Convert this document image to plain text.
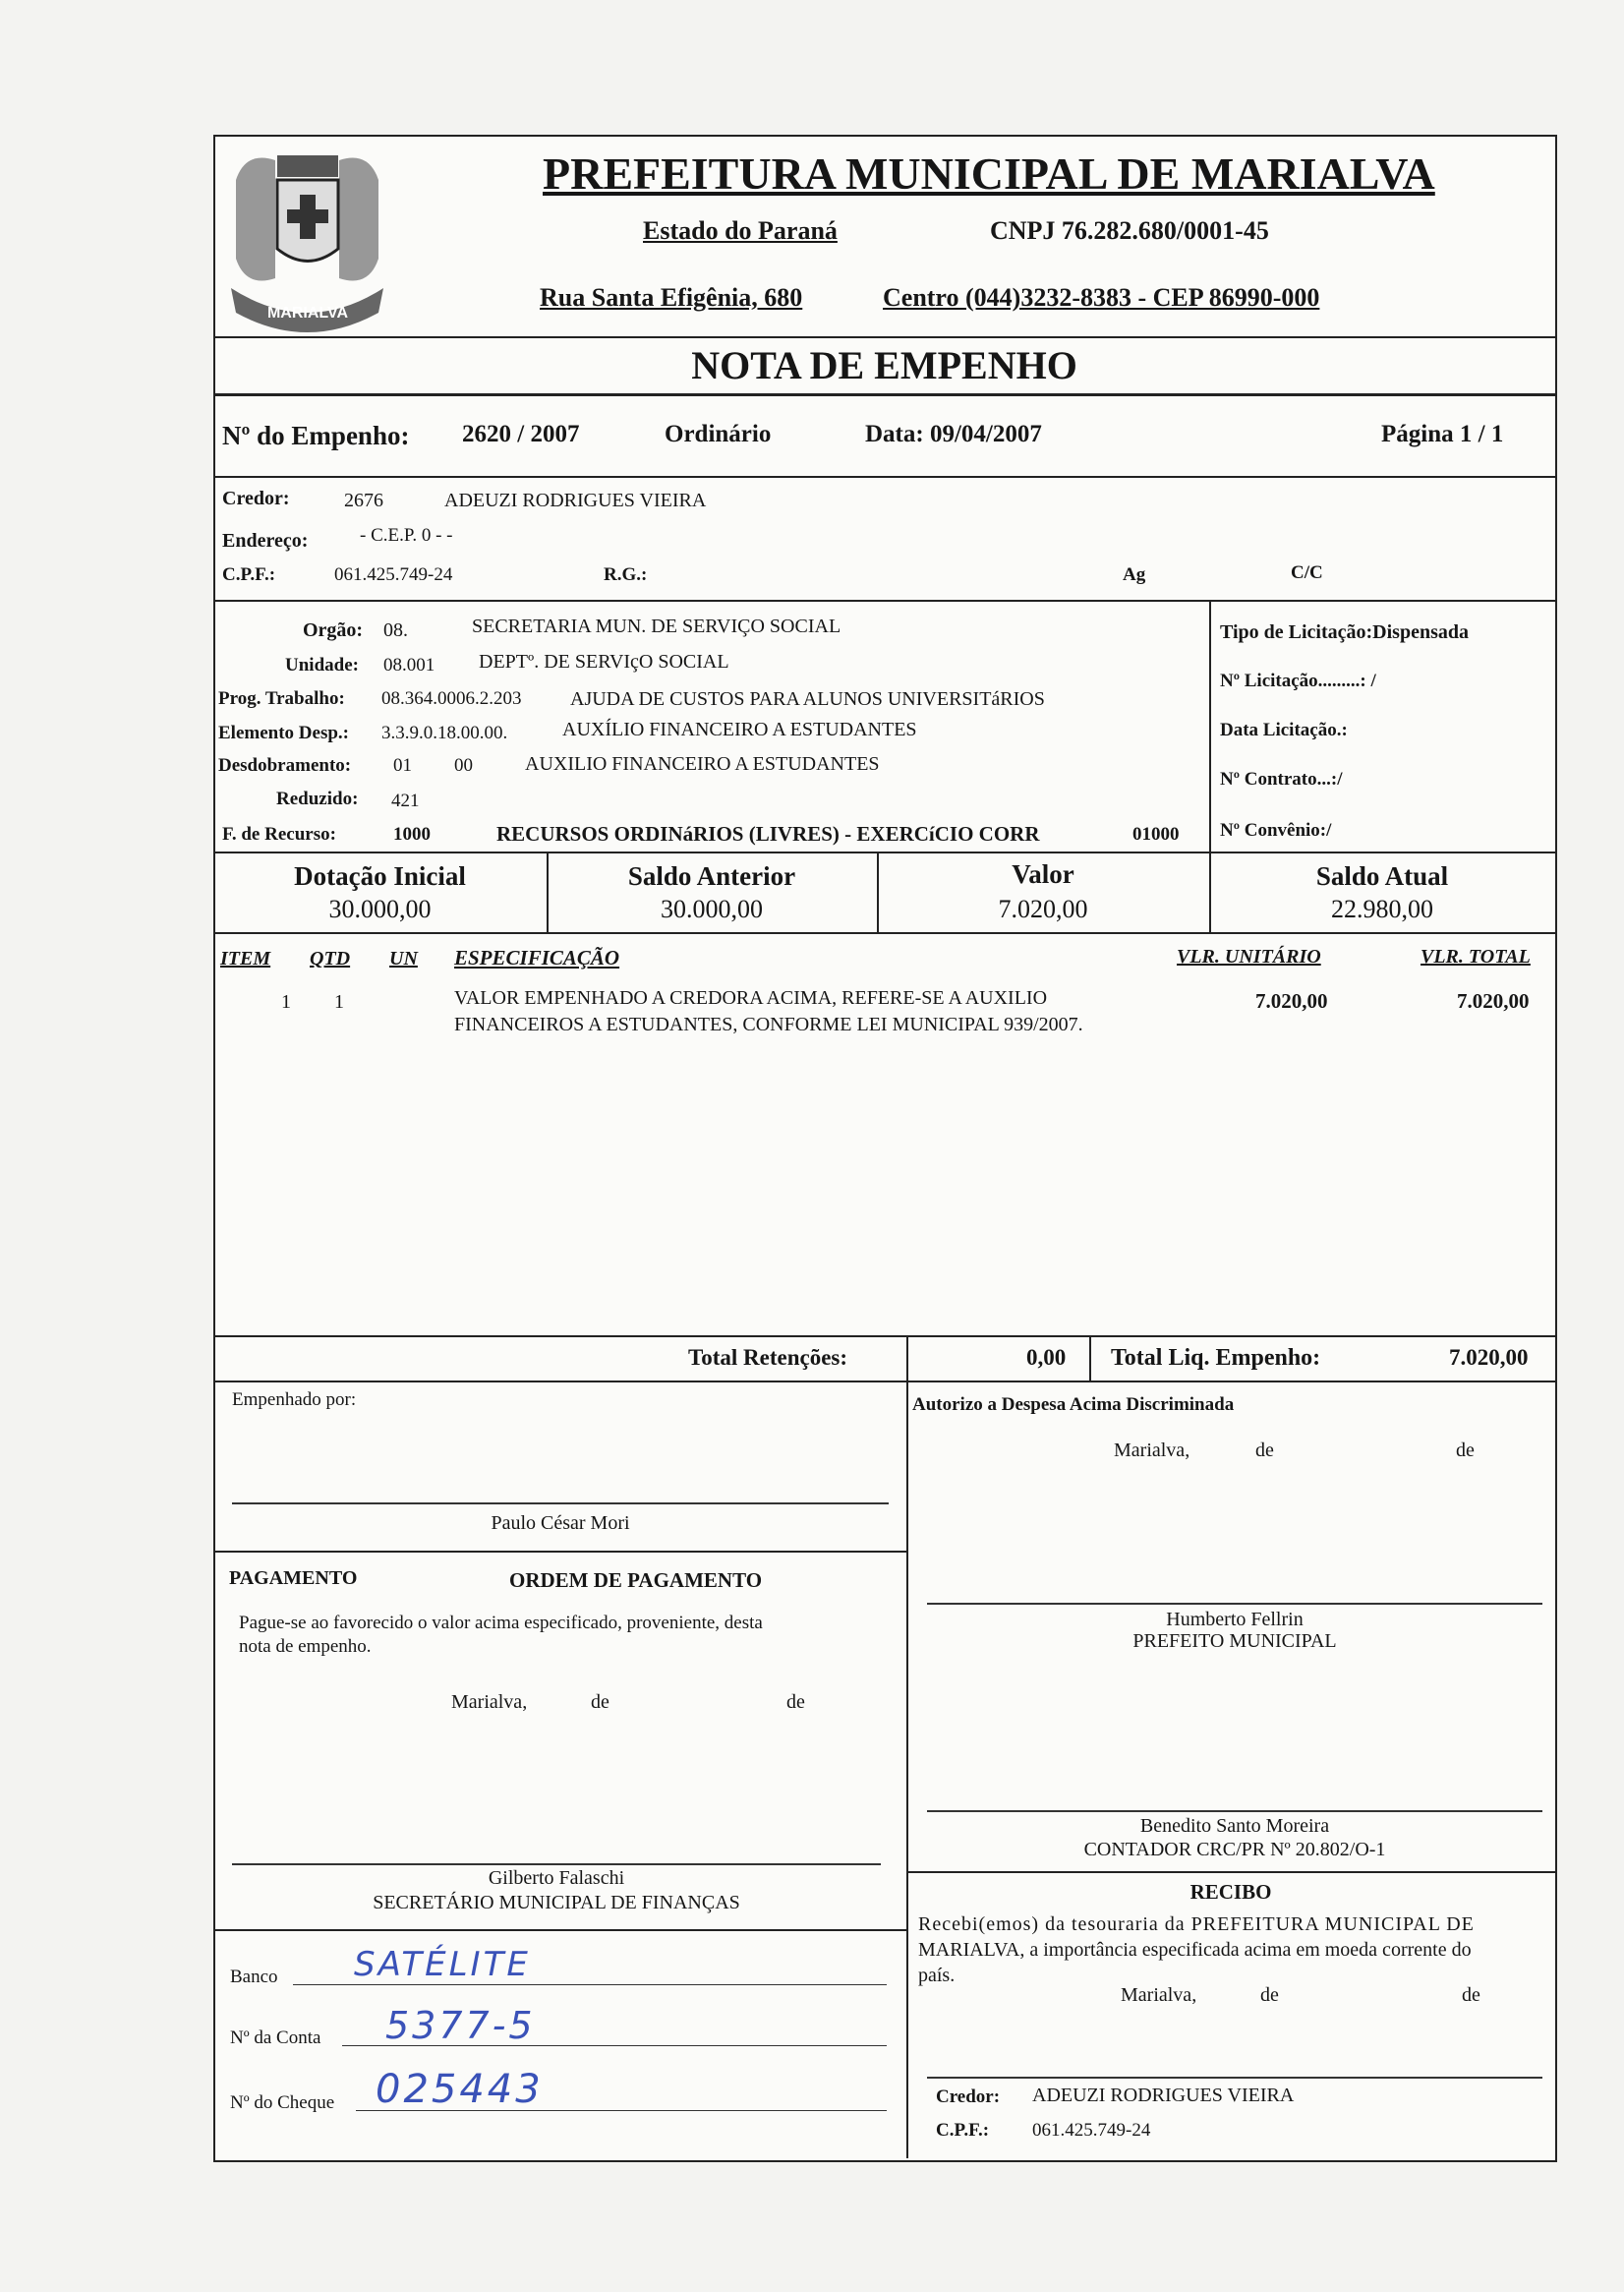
MARIALVA
PREFEITURA MUNICIPAL DE MARIALVA
Estado do Paraná	CNPJ 76.282.680/0001-45
Rua Santa Efigênia, 680	Centro (044)3232-8383 - CEP 86990-000
NOTA DE EMPENHO
Nº do Empenho: 2620 / 2007	Ordinário	Data: 09/04/2007	Página 1 / 1
Credor:	2676	ADEUZI RODRIGUES VIEIRA
Endereço:	- C.E.P. 0 - -
C.P.F.:	061.425.749-24	R.G.:	Ag	C/C
Orgão: 08.	SECRETARIA MUN. DE SERVIÇO SOCIAL
Unidade: 08.001 DEPTº. DE SERVIçO SOCIAL
Prog. Trabalho: 08.364.0006.2.203 AJUDA DE CUSTOS PARA ALUNOS UNIVERSITáRIOS
Elemento Desp.: 3.3.9.0.18.00.00.	AUXÍLIO FINANCEIRO A ESTUDANTES
Desdobramento: 01 00	AUXILIO FINANCEIRO A ESTUDANTES
Reduzido: 421
F. de Recurso:	1000	RECURSOS ORDINáRIOS (LIVRES) - EXERCíCIO CORR	01000
Tipo de Licitação:Dispensada
Nº Licitação.........: /
Data Licitação.:
Nº Contrato...:/
Nº Convênio:/
Dotação Inicial
30.000,00
Saldo Anterior
30.000,00
Valor
7.020,00
Saldo Atual
22.980,00
ITEM QTD UN ESPECIFICAÇÃO	VLR. UNITÁRIO	VLR. TOTAL
1 1	VALOR EMPENHADO A CREDORA ACIMA, REFERE-SE A AUXILIO
FINANCEIROS A ESTUDANTES, CONFORME LEI MUNICIPAL 939/2007.
7.020,00	7.020,00
Total Retenções:	0,00 Total Liq. Empenho:	7.020,00
Empenhado por:
Paulo César Mori
PAGAMENTO	ORDEM DE PAGAMENTO
Pague-se ao favorecido o valor acima especificado, proveniente, desta
nota de empenho.
Marialva,	de	de
Gilberto Falaschi
SECRETÁRIO MUNICIPAL DE FINANÇAS
Banco SATÉLITE
Nº da Conta 5377-5
Nº do Cheque 025443
Autorizo a Despesa Acima Discriminada
Marialva,	de	de
Humberto Fellrin
PREFEITO MUNICIPAL
Benedito Santo Moreira
CONTADOR CRC/PR Nº 20.802/O-1
RECIBO
Recebi(emos) da tesouraria da PREFEITURA MUNICIPAL DE
MARIALVA, a importância especificada acima em moeda corrente do
país.
Marialva,	de	de
Credor: ADEUZI RODRIGUES VIEIRA
C.P.F.: 061.425.749-24
